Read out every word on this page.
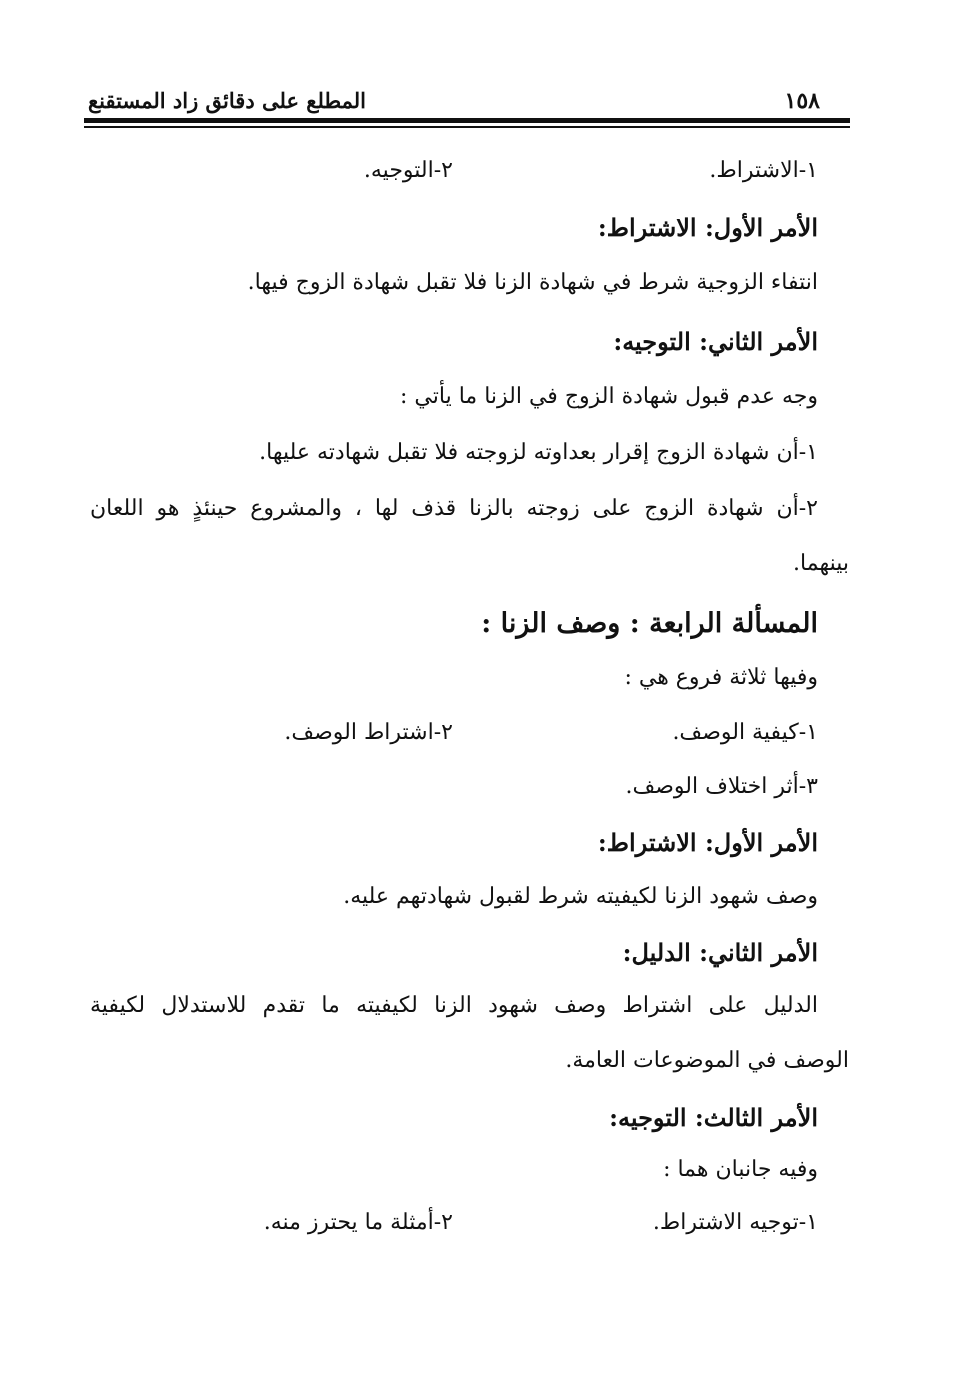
١٥٨
المطلع على دقائق زاد المستقنع
١-الاشتراط.
٢-التوجيه.
الأمر الأول: الاشتراط:
انتفاء الزوجية شرط في شهادة الزنا فلا تقبل شهادة الزوج فيها.
الأمر الثاني: التوجيه:
وجه عدم قبول شهادة الزوج في الزنا ما يأتي :
١-أن شهادة الزوج إقرار بعداوته لزوجته فلا تقبل شهادته عليها.
٢-أن شهادة الزوج على زوجته بالزنا قذف لها ، والمشروع حينئذٍ هو اللعان
بينهما.
المسألة الرابعة : وصف الزنا :
وفيها ثلاثة فروع هي :
١-كيفية الوصف.
٢-اشتراط الوصف.
٣-أثر اختلاف الوصف.
الأمر الأول: الاشتراط:
وصف شهود الزنا لكيفيته شرط لقبول شهادتهم عليه.
الأمر الثاني: الدليل:
الدليل على اشتراط وصف شهود الزنا لكيفيته ما تقدم للاستدلال لكيفية
الوصف في الموضوعات العامة.
الأمر الثالث: التوجيه:
وفيه جانبان هما :
١-توجيه الاشتراط.
٢-أمثلة ما يحترز منه.
